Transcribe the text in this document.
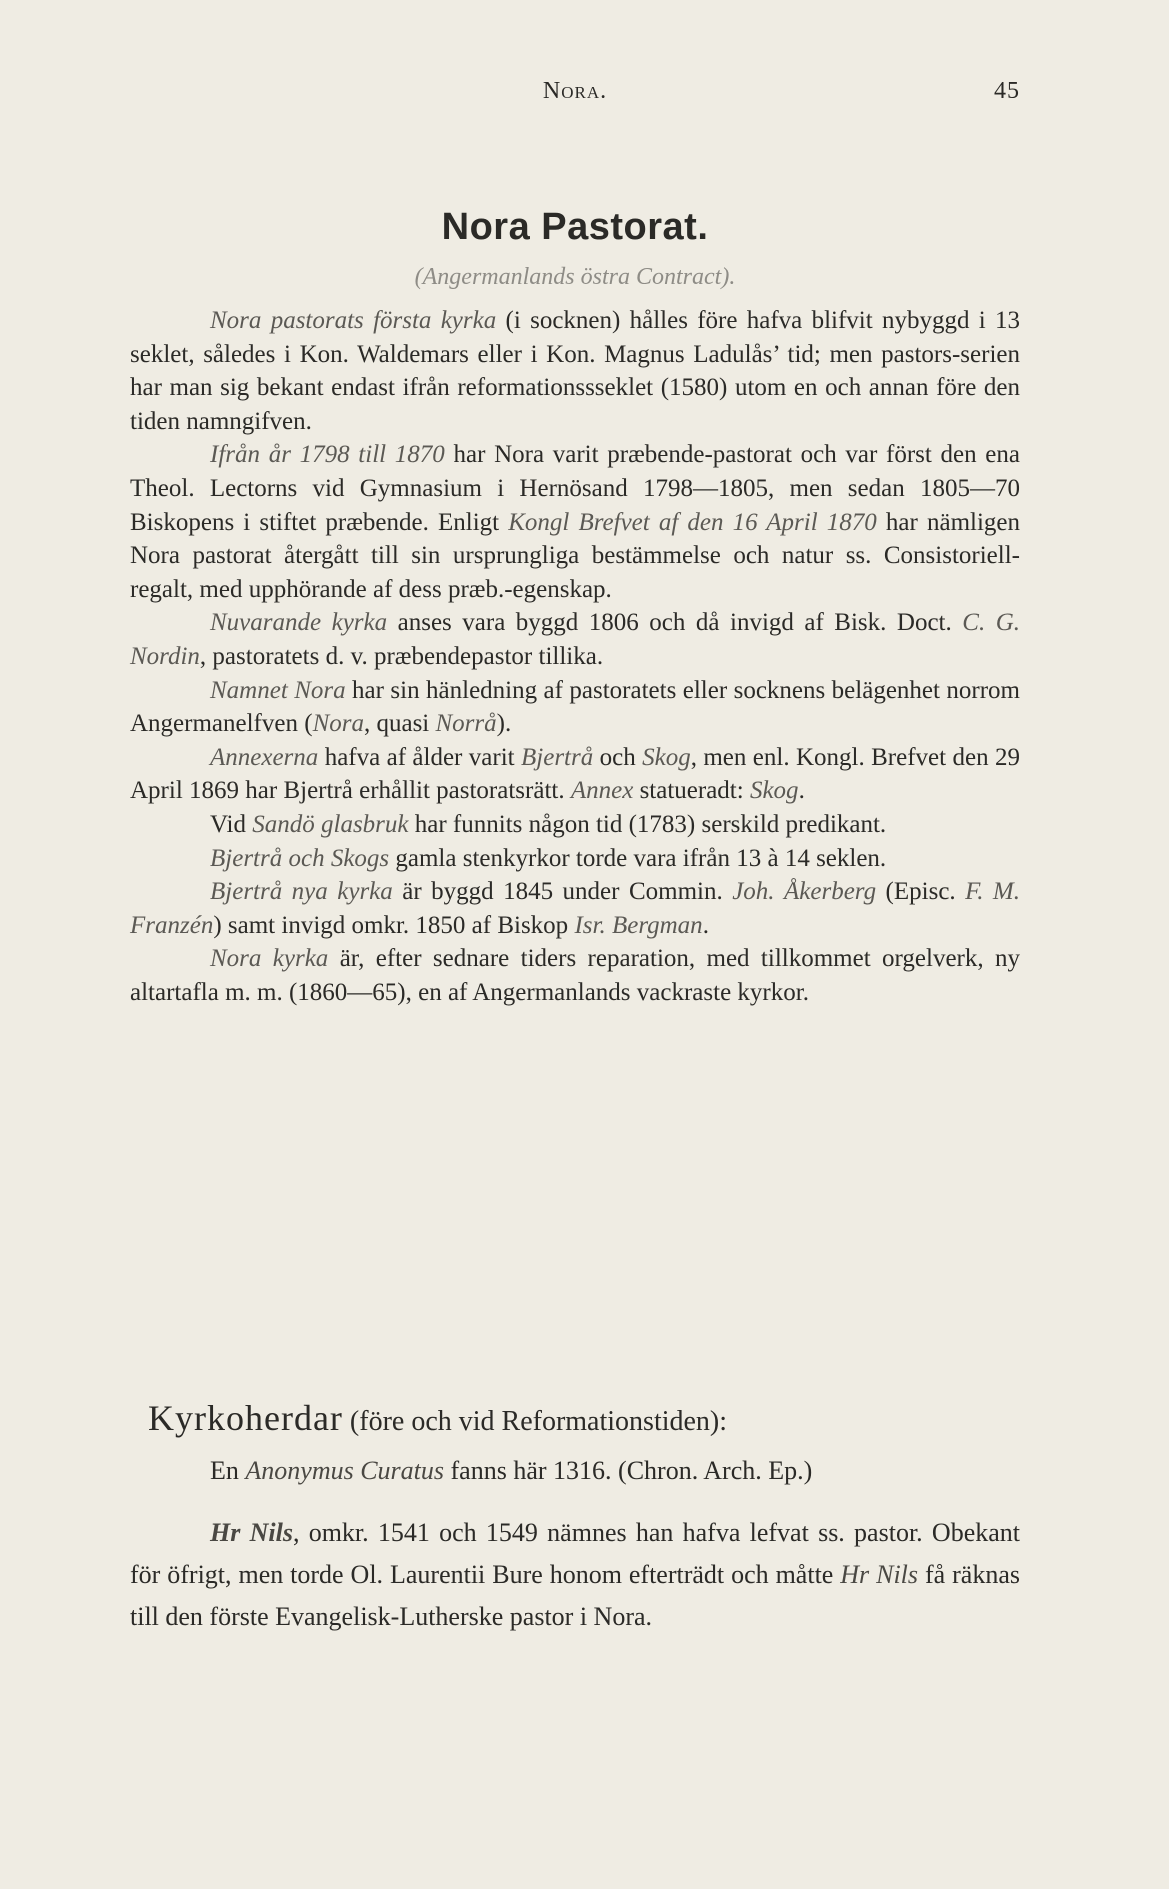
Nora.	45
Nora Pastorat.
(Angermanlands östra Contract).

Nora pastorats första kyrka (i socknen) hålles före hafva blifvit nybyggd i 13 seklet, således i Kon. Waldemars eller i Kon. Magnus Ladulås’ tid; men pastors-serien har man sig bekant endast ifrån reformationssseklet (1580) utom en och annan före den tiden namngifven.

Ifrån år 1798 till 1870 har Nora varit præbende-pastorat och var först den ena Theol. Lectorns vid Gymnasium i Hernösand 1798—1805, men sedan 1805—70 Biskopens i stiftet præbende. Enligt Kongl Brefvet af den 16 April 1870 har nämligen Nora pastorat återgått till sin ursprungliga bestämmelse och natur ss. Consistoriell-regalt, med upphörande af dess præb.-egenskap.

Nuvarande kyrka anses vara byggd 1806 och då invigd af Bisk. Doct. C. G. Nordin, pastoratets d. v. præbendepastor tillika.

Namnet Nora har sin hänledning af pastoratets eller socknens belägenhet norrom Angermanelfven (Nora, quasi Norrå).

Annexerna hafva af ålder varit Bjertrå och Skog, men enl. Kongl. Brefvet den 29 April 1869 har Bjertrå erhållit pastoratsrätt. Annex statueradt: Skog.

Vid Sandö glasbruk har funnits någon tid (1783) serskild predikant.

Bjertrå och Skogs gamla stenkyrkor torde vara ifrån 13 à 14 seklen.

Bjertrå nya kyrka är byggd 1845 under Commin. Joh. Åkerberg (Episc. F. M. Franzén) samt invigd omkr. 1850 af Biskop Isr. Bergman.

Nora kyrka är, efter sednare tiders reparation, med tillkommet orgelverk, ny altartafla m. m. (1860—65), en af Angermanlands vackraste kyrkor.

Kyrkoherdar (före och vid Reformationstiden):

En Anonymus Curatus fanns här 1316. (Chron. Arch. Ep.)

Hr Nils, omkr. 1541 och 1549 nämnes han hafva lefvat ss. pastor. Obekant för öfrigt, men torde Ol. Laurentii Bure honom efterträdt och måtte Hr Nils få räknas till den förste Evangelisk-Lutherske pastor i Nora.
